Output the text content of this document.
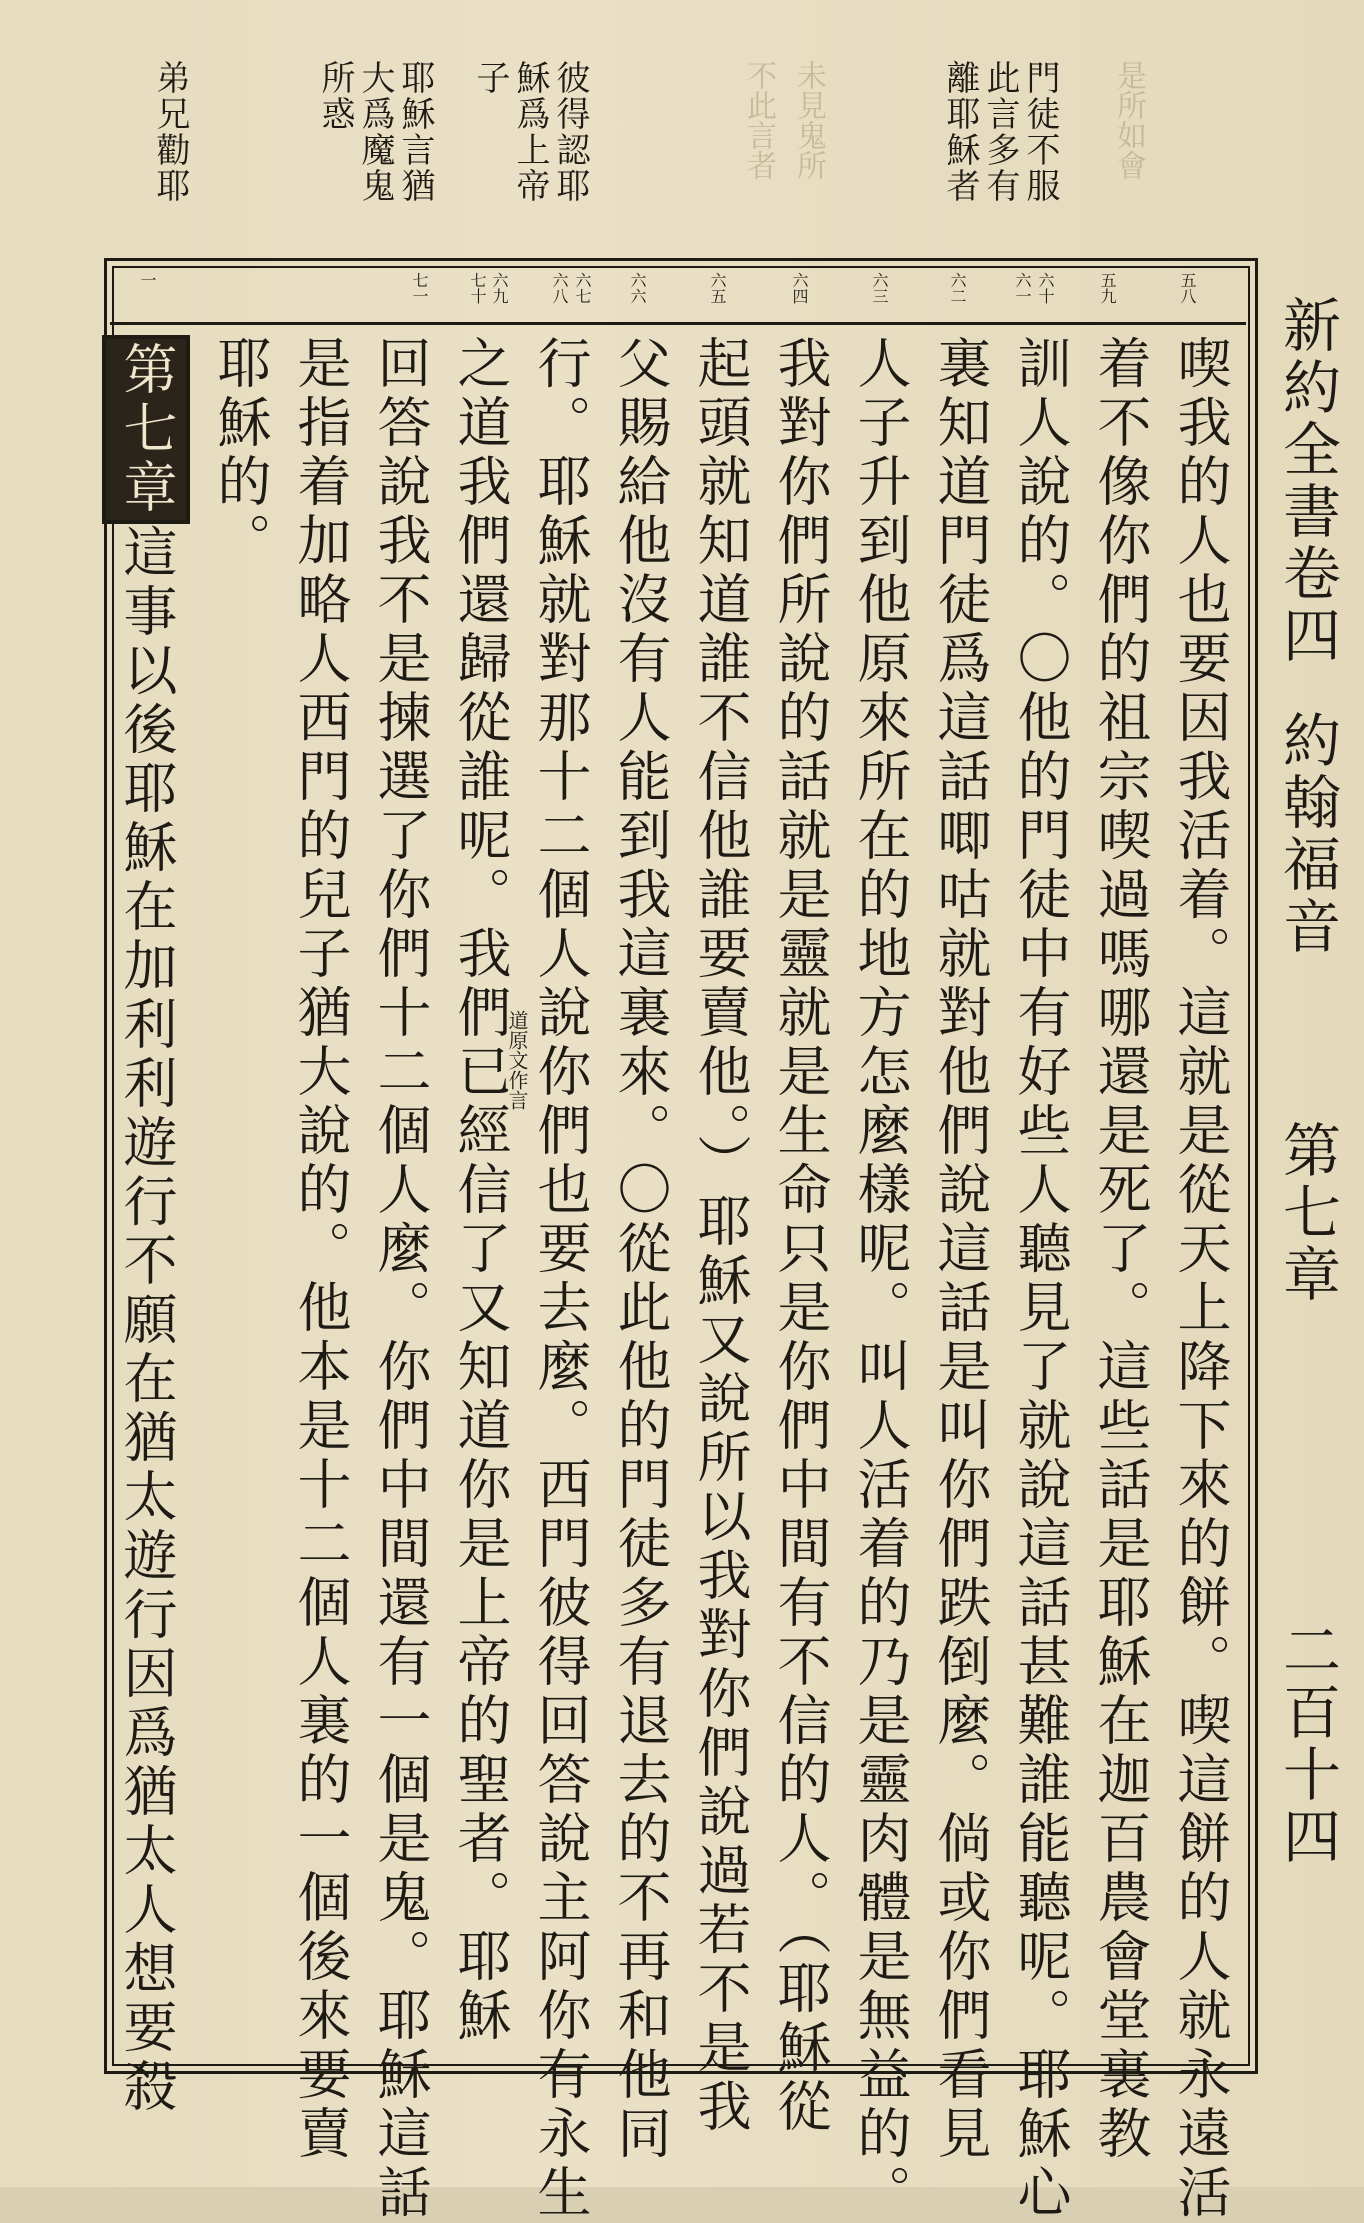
不此言者 未見鬼所	是所如會
門徒不服
此言多有
離耶穌者
彼得認耶
穌爲上帝
子
耶穌言猶
大爲魔鬼
所惑
弟兄勸耶
新約全書卷四
約翰福音
第七章
二百十四
五八
五九
六十
六一
六二
六三
六四
六五
六六
六七
六八
六九
七十
七一
一
喫我的人也要因我活着。這就是從天上降下來的餅。喫這餅的人就永遠活
着不像你們的祖宗喫過嗎哪還是死了。這些話是耶穌在迦百農會堂裏教
訓人說的。〇他的門徒中有好些人聽見了就說這話甚難誰能聽呢。耶穌心
裏知道門徒爲這話唧咕就對他們說這話是叫你們跌倒麼。倘或你們看見
人子升到他原來所在的地方怎麼樣呢。叫人活着的乃是靈肉體是無益的。
我對你們所說的話就是靈就是生命只是你們中間有不信的人。（耶穌從
起頭就知道誰不信他誰要賣他。）耶穌又說所以我對你們說過若不是我
父賜給他沒有人能到我這裏來。〇從此他的門徒多有退去的不再和他同
行。耶穌就對那十二個人說你們也要去麼。西門彼得回答說主阿你有永生
之道我們還歸從誰呢。我們已經信了又知道你是上帝的聖者。耶穌
回答說我不是揀選了你們十二個人麼。你們中間還有一個是鬼。耶穌這話
是指着加略人西門的兒子猶大說的。他本是十二個人裏的一個後來要賣
耶穌的。
第七章這事以後耶穌在加利利遊行不願在猶太遊行因爲猶太人想要殺	道原文作言
